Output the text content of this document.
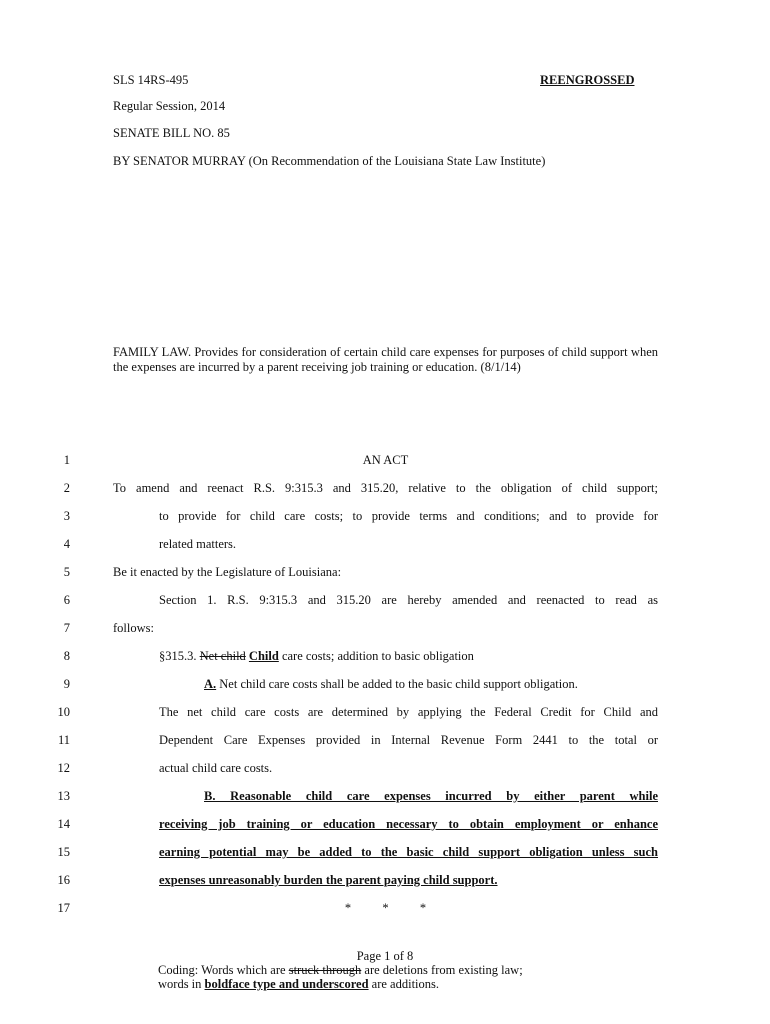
SLS 14RS-495	REENGROSSED
Regular Session, 2014
SENATE BILL NO. 85
BY SENATOR MURRAY (On Recommendation of the Louisiana State Law Institute)
FAMILY LAW. Provides for consideration of certain child care expenses for purposes of child support when the expenses are incurred by a parent receiving job training or education. (8/1/14)
1
2
3
4
5
6
7
8
9
10
11
12
13
14
15
16
17
AN ACT
To amend and reenact R.S. 9:315.3 and 315.20, relative to the obligation of child support;
to provide for child care costs; to provide terms and conditions; and to provide for
related matters.
Be it enacted by the Legislature of Louisiana:
Section 1. R.S. 9:315.3 and 315.20 are hereby amended and reenacted to read as
follows:
§315.3. Net child Child care costs; addition to basic obligation
A. Net child care costs shall be added to the basic child support obligation.
The net child care costs are determined by applying the Federal Credit for Child and
Dependent Care Expenses provided in Internal Revenue Form 2441 to the total or
actual child care costs.
B. Reasonable child care expenses incurred by either parent while
receiving job training or education necessary to obtain employment or enhance
earning potential may be added to the basic child support obligation unless such
expenses unreasonably burden the parent paying child support.
*          *          *
Page 1 of 8
Coding: Words which are struck through are deletions from existing law;
words in boldface type and underscored are additions.
